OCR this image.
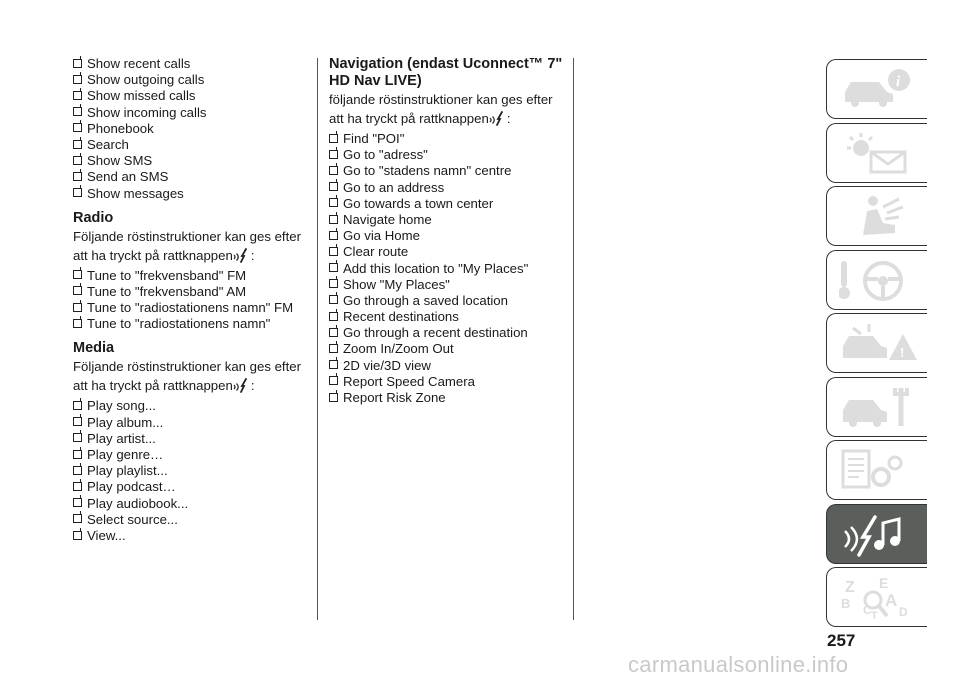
Show recent calls
Show outgoing calls
Show missed calls
Show incoming calls
Phonebook
Search
Show SMS
Send an SMS
Show messages
Radio
Följande röstinstruktioner kan ges efter
att ha tryckt på rattknappen :
Tune to "frekvensband" FM
Tune to "frekvensband" AM
Tune to "radiostationens namn" FM
Tune to "radiostationens namn"
Media
Följande röstinstruktioner kan ges efter
att ha tryckt på rattknappen :
Play song...
Play album...
Play artist...
Play genre…
Play playlist...
Play podcast…
Play audiobook...
Select source...
View...
Navigation (endast Uconnect™ 7"
HD Nav LIVE)
följande röstinstruktioner kan ges efter
att ha tryckt på rattknappen :
Find "POI"
Go to "adress"
Go to "stadens namn" centre
Go to an address
Go towards a town center
Navigate home
Go via Home
Clear route
Add this location to "My Places"
Show "My Places"
Go through a saved location
Recent destinations
Go through a recent destination
Zoom In/Zoom Out
2D vie/3D view
Report Speed Camera
Report Risk Zone
i
!
Z E
B A
C T D
257
carmanualsonline.info
